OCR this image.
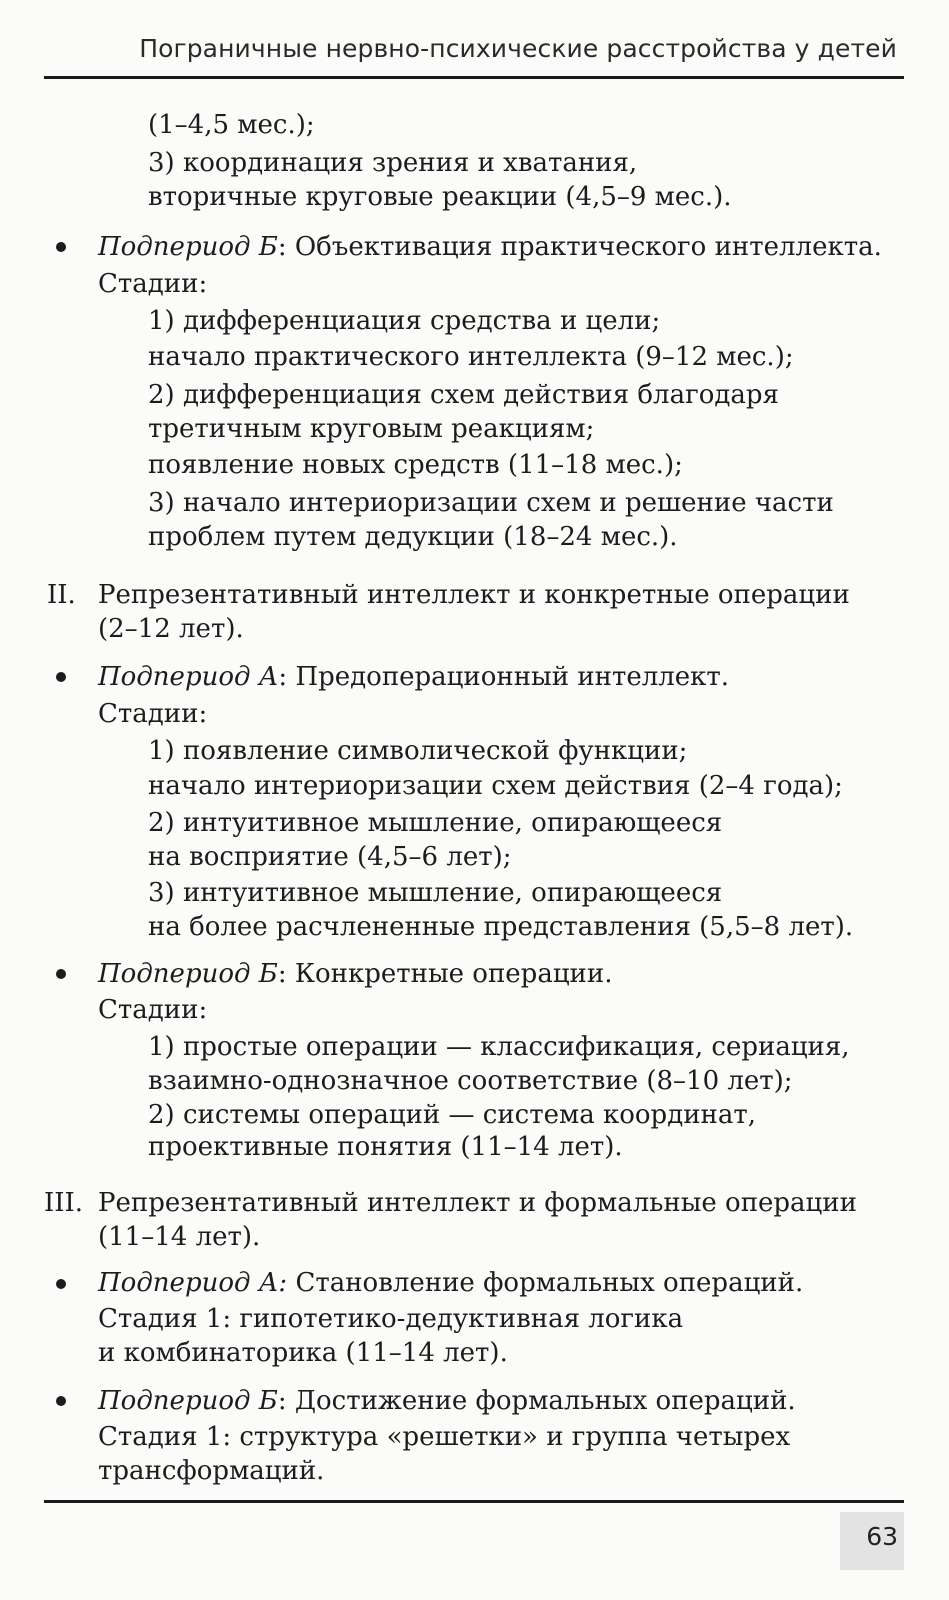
Пограничные нервно-психические расстройства у детей
(1–4,5 мес.);
3) координация зрения и хватания,
вторичные круговые реакции (4,5–9 мес.).
Подпериод Б: Объективация практического интеллекта.
Стадии:
1) дифференциация средства и цели;
начало практического интеллекта (9–12 мес.);
2) дифференциация схем действия благодаря
третичным круговым реакциям;
появление новых средств (11–18 мес.);
3) начало интериоризации схем и решение части
проблем путем дедукции (18–24 мес.).
II. Репрезентативный интеллект и конкретные операции
(2–12 лет).
Подпериод А: Предоперационный интеллект.
Стадии:
1) появление символической функции;
начало интериоризации схем действия (2–4 года);
2) интуитивное мышление, опирающееся
на восприятие (4,5–6 лет);
3) интуитивное мышление, опирающееся
на более расчлененные представления (5,5–8 лет).
Подпериод Б: Конкретные операции.
Стадии:
1) простые операции — классификация, сериация,
взаимно-однозначное соответствие (8–10 лет);
2) системы операций — система координат,
проективные понятия (11–14 лет).
III. Репрезентативный интеллект и формальные операции
(11–14 лет).
Подпериод А: Становление формальных операций.
Стадия 1: гипотетико-дедуктивная логика
и комбинаторика (11–14 лет).
Подпериод Б: Достижение формальных операций.
Стадия 1: структура «решетки» и группа четырех
трансформаций.
63
